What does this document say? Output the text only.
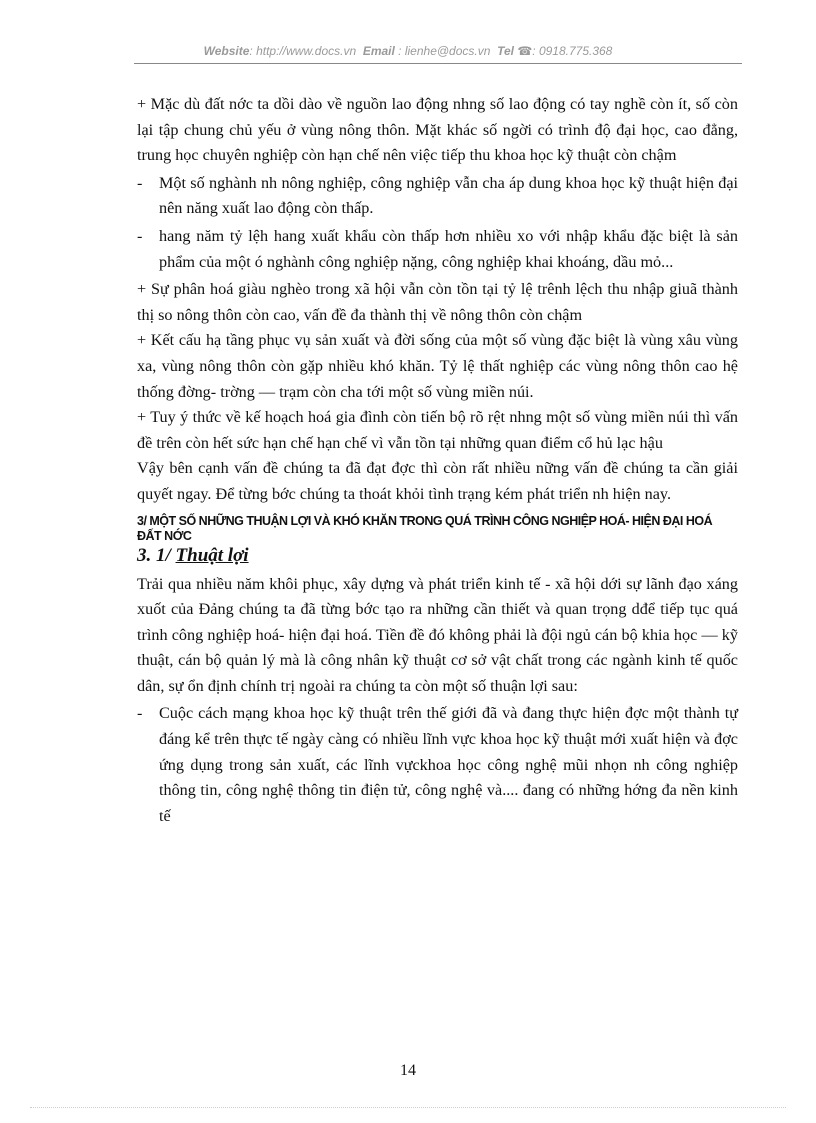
Website: http://www.docs.vn Email : lienhe@docs.vn Tel ☎: 0918.775.368

+ Mặc dù đất nớc ta dồi dào về nguồn lao động nhng số lao động có tay nghề còn ít, số còn lại tập chung chủ yếu ở vùng nông thôn. Mặt khác số ngời có trình độ đại học, cao đẳng, trung học chuyên nghiệp còn hạn chế nên việc tiếp thu khoa học kỹ thuật còn chậm

- Một số nghành nh nông nghiệp, công nghiệp vẫn cha áp dung khoa học kỹ thuật hiện đại nên năng xuất lao động còn thấp.
- hang năm tỷ lệh hang xuất khẩu còn thấp hơn nhiều xo với nhập khẩu đặc biệt là sản phẩm của một ó nghành công nghiệp nặng, công nghiệp khai khoáng, dầu mỏ...

+ Sự phân hoá giàu nghèo trong xã hội vẫn còn tồn tại tỷ lệ trênh lệch thu nhập giuã thành thị so nông thôn còn cao, vấn đề đa thành thị về nông thôn còn chậm

+ Kết cấu hạ tầng phục vụ sản xuất và đời sống của một số vùng đặc biệt là vùng xâu vùng xa, vùng nông thôn còn gặp nhiều khó khăn. Tỷ lệ thất nghiệp các vùng nông thôn cao hệ thống đờng- trờng — trạm còn cha tới một số vùng miền núi.

+ Tuy ý thức về kế hoạch hoá gia đình còn tiến bộ rõ rệt nhng một số vùng miền núi thì vấn đề trên còn hết sức hạn chế hạn chế vì vẫn tồn tại những quan điểm cổ hủ lạc hậu

Vậy bên cạnh vấn đề chúng ta đã đạt đợc thì còn rất nhiều nững vấn đề chúng ta cần giải quyết ngay. Để từng bớc chúng ta thoát khỏi tình trạng kém phát triển nh hiện nay.

3/ MỘT SỐ NHỮNG THUẬN LỢI VÀ KHÓ KHĂN TRONG QUÁ TRÌNH CÔNG NGHIỆP HOÁ- HIỆN ĐẠI HOÁ ĐẤT NỚC
3. 1/ Thuật lợi

Trải qua nhiều năm khôi phục, xây dựng và phát triển kinh tế - xã hội dới sự lãnh đạo xáng xuốt của Đảng chúng ta đã từng bớc tạo ra những cần thiết và quan trọng dđể tiếp tục quá trình công nghiệp hoá- hiện đại hoá. Tiền đề đó không phải là đội ngủ cán bộ khia học — kỹ thuật, cán bộ quản lý mà là công nhân kỹ thuật cơ sở vật chất trong các ngành kinh tế quốc dân, sự ổn định chính trị ngoài ra chúng ta còn một số thuận lợi sau:

- Cuộc cách mạng khoa học kỹ thuật trên thế giới đã và đang thực hiện đợc một thành tự đáng kể trên thực tế ngày càng có nhiều lĩnh vực khoa học kỹ thuật mới xuất hiện và đợc ứng dụng trong sản xuất, các lĩnh vựckhoa học công nghệ mũi nhọn nh công nghiệp thông tin, công nghệ thông tin điện tử, công nghệ và.... đang có những hớng đa nền kinh tế
14
